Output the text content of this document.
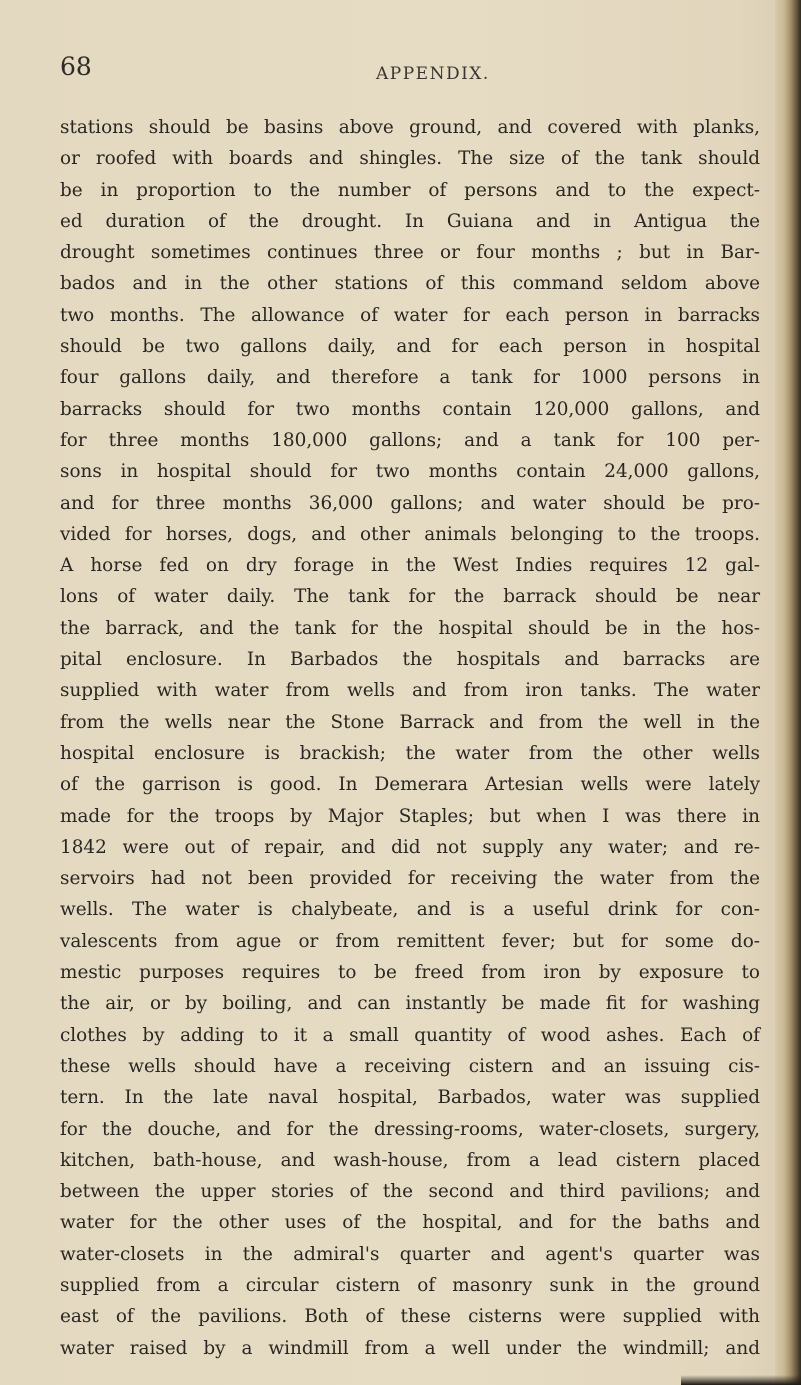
68	APPENDIX.

stations should be basins above ground, and covered with planks,
or roofed with boards and shingles. The size of the tank should
be in proportion to the number of persons and to the expect-
ed duration of the drought. In Guiana and in Antigua the
drought sometimes continues three or four months ; but in Bar-
bados and in the other stations of this command seldom above
two months. The allowance of water for each person in barracks
should be two gallons daily, and for each person in hospital
four gallons daily, and therefore a tank for 1000 persons in
barracks should for two months contain 120,000 gallons, and
for three months 180,000 gallons; and a tank for 100 per-
sons in hospital should for two months contain 24,000 gallons,
and for three months 36,000 gallons; and water should be pro-
vided for horses, dogs, and other animals belonging to the troops.
A horse fed on dry forage in the West Indies requires 12 gal-
lons of water daily. The tank for the barrack should be near
the barrack, and the tank for the hospital should be in the hos-
pital enclosure. In Barbados the hospitals and barracks are
supplied with water from wells and from iron tanks. The water
from the wells near the Stone Barrack and from the well in the
hospital enclosure is brackish; the water from the other wells
of the garrison is good. In Demerara Artesian wells were lately
made for the troops by Major Staples; but when I was there in
1842 were out of repair, and did not supply any water; and re-
servoirs had not been provided for receiving the water from the
wells. The water is chalybeate, and is a useful drink for con-
valescents from ague or from remittent fever; but for some do-
mestic purposes requires to be freed from iron by exposure to
the air, or by boiling, and can instantly be made fit for washing
clothes by adding to it a small quantity of wood ashes. Each of
these wells should have a receiving cistern and an issuing cis-
tern. In the late naval hospital, Barbados, water was supplied
for the douche, and for the dressing-rooms, water-closets, surgery,
kitchen, bath-house, and wash-house, from a lead cistern placed
between the upper stories of the second and third pavilions; and
water for the other uses of the hospital, and for the baths and
water-closets in the admiral's quarter and agent's quarter was
supplied from a circular cistern of masonry sunk in the ground
east of the pavilions. Both of these cisterns were supplied with
water raised by a windmill from a well under the windmill; and
